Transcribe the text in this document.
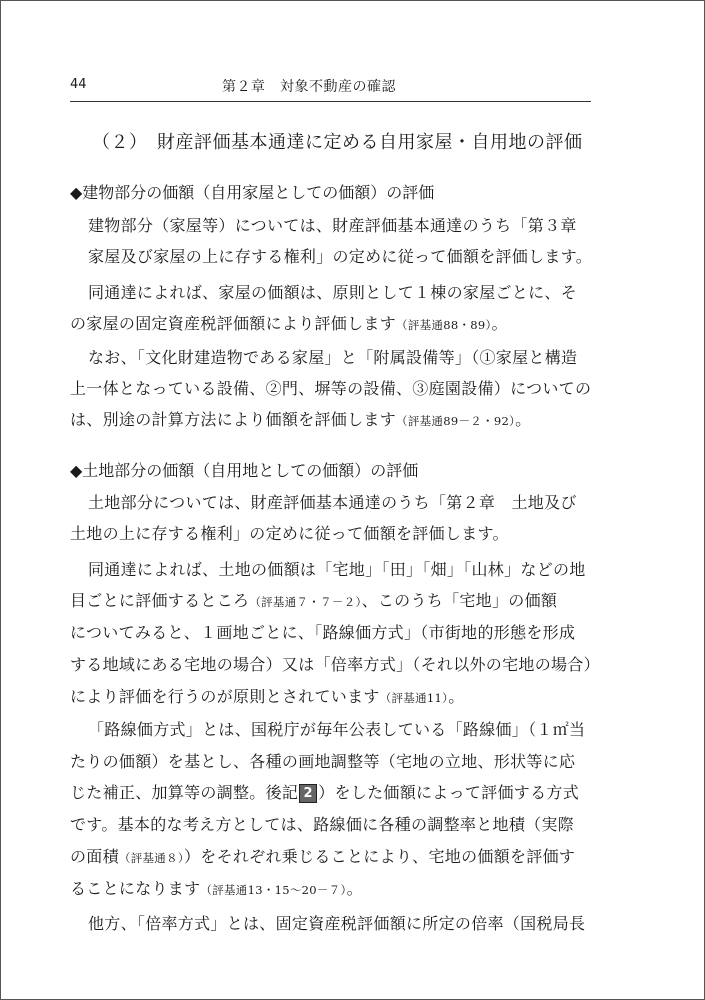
44	第２章　対象不動産の確認
（２）　財産評価基本通達に定める自用家屋・自用地の評価
◆建物部分の価額（自用家屋としての価額）の評価
建物部分（家屋等）については、財産評価基本通達のうち「第３章
家屋及び家屋の上に存する権利」の定めに従って価額を評価します。
同通達によれば、家屋の価額は、原則として１棟の家屋ごとに、そ
の家屋の固定資産税評価額により評価します（評基通88・89）。
なお、「文化財建造物である家屋」と「附属設備等」（①家屋と構造
上一体となっている設備、②門、塀等の設備、③庭園設備）についての
は、別途の計算方法により価額を評価します（評基通89－２・92）。
◆土地部分の価額（自用地としての価額）の評価
土地部分については、財産評価基本通達のうち「第２章　土地及び
土地の上に存する権利」の定めに従って価額を評価します。
同通達によれば、土地の価額は「宅地」「田」「畑」「山林」などの地
目ごとに評価するところ（評基通７・７－２）、このうち「宅地」の価額
についてみると、１画地ごとに、「路線価方式」（市街地的形態を形成
する地域にある宅地の場合）又は「倍率方式」（それ以外の宅地の場合）
により評価を行うのが原則とされています（評基通11）。
「路線価方式」とは、国税庁が毎年公表している「路線価」（１㎡当
たりの価額）を基とし、各種の画地調整等（宅地の立地、形状等に応
じた補正、加算等の調整。後記 2 ）をした価額によって評価する方式
です。基本的な考え方としては、路線価に各種の調整率と地積（実際
の面積（評基通８））をそれぞれ乗じることにより、宅地の価額を評価す
ることになります（評基通13・15～20－７）。
他方、「倍率方式」とは、固定資産税評価額に所定の倍率（国税局長
